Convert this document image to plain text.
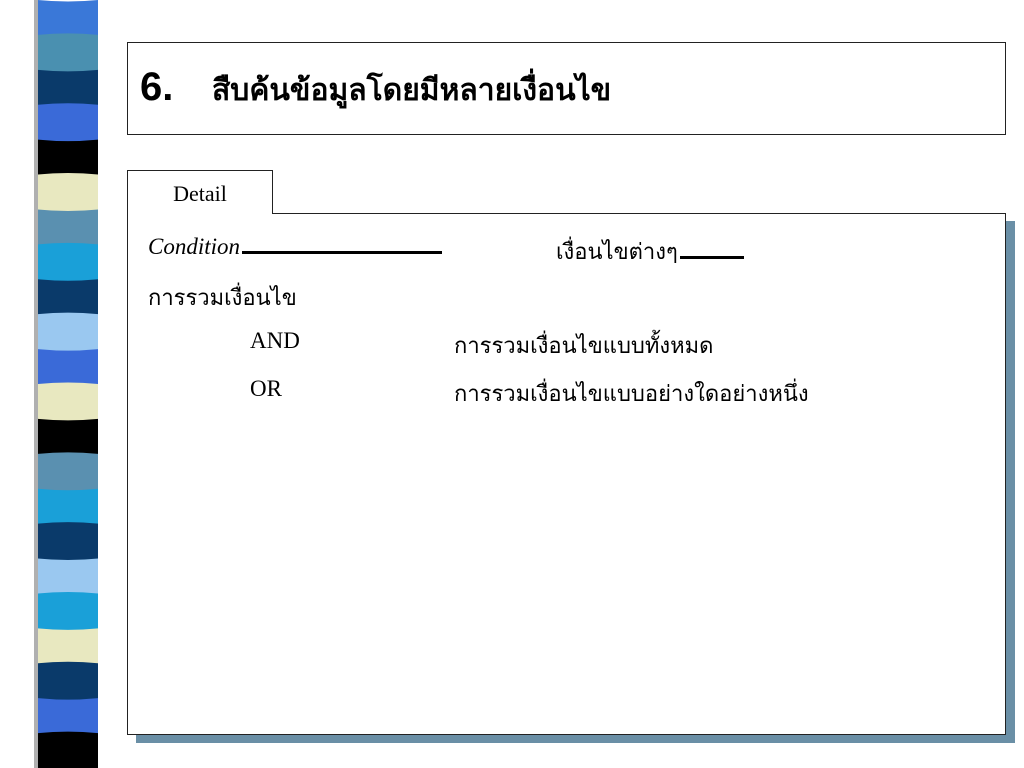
6. สืบค้นข้อมูลโดยมีหลายเงื่อนไข
Detail
Condition	เงื่อนไขต่างๆ
การรวมเงื่อนไข
AND	การรวมเงื่อนไขแบบทั้งหมด
OR	การรวมเงื่อนไขแบบอย่างใดอย่างหนึ่ง
